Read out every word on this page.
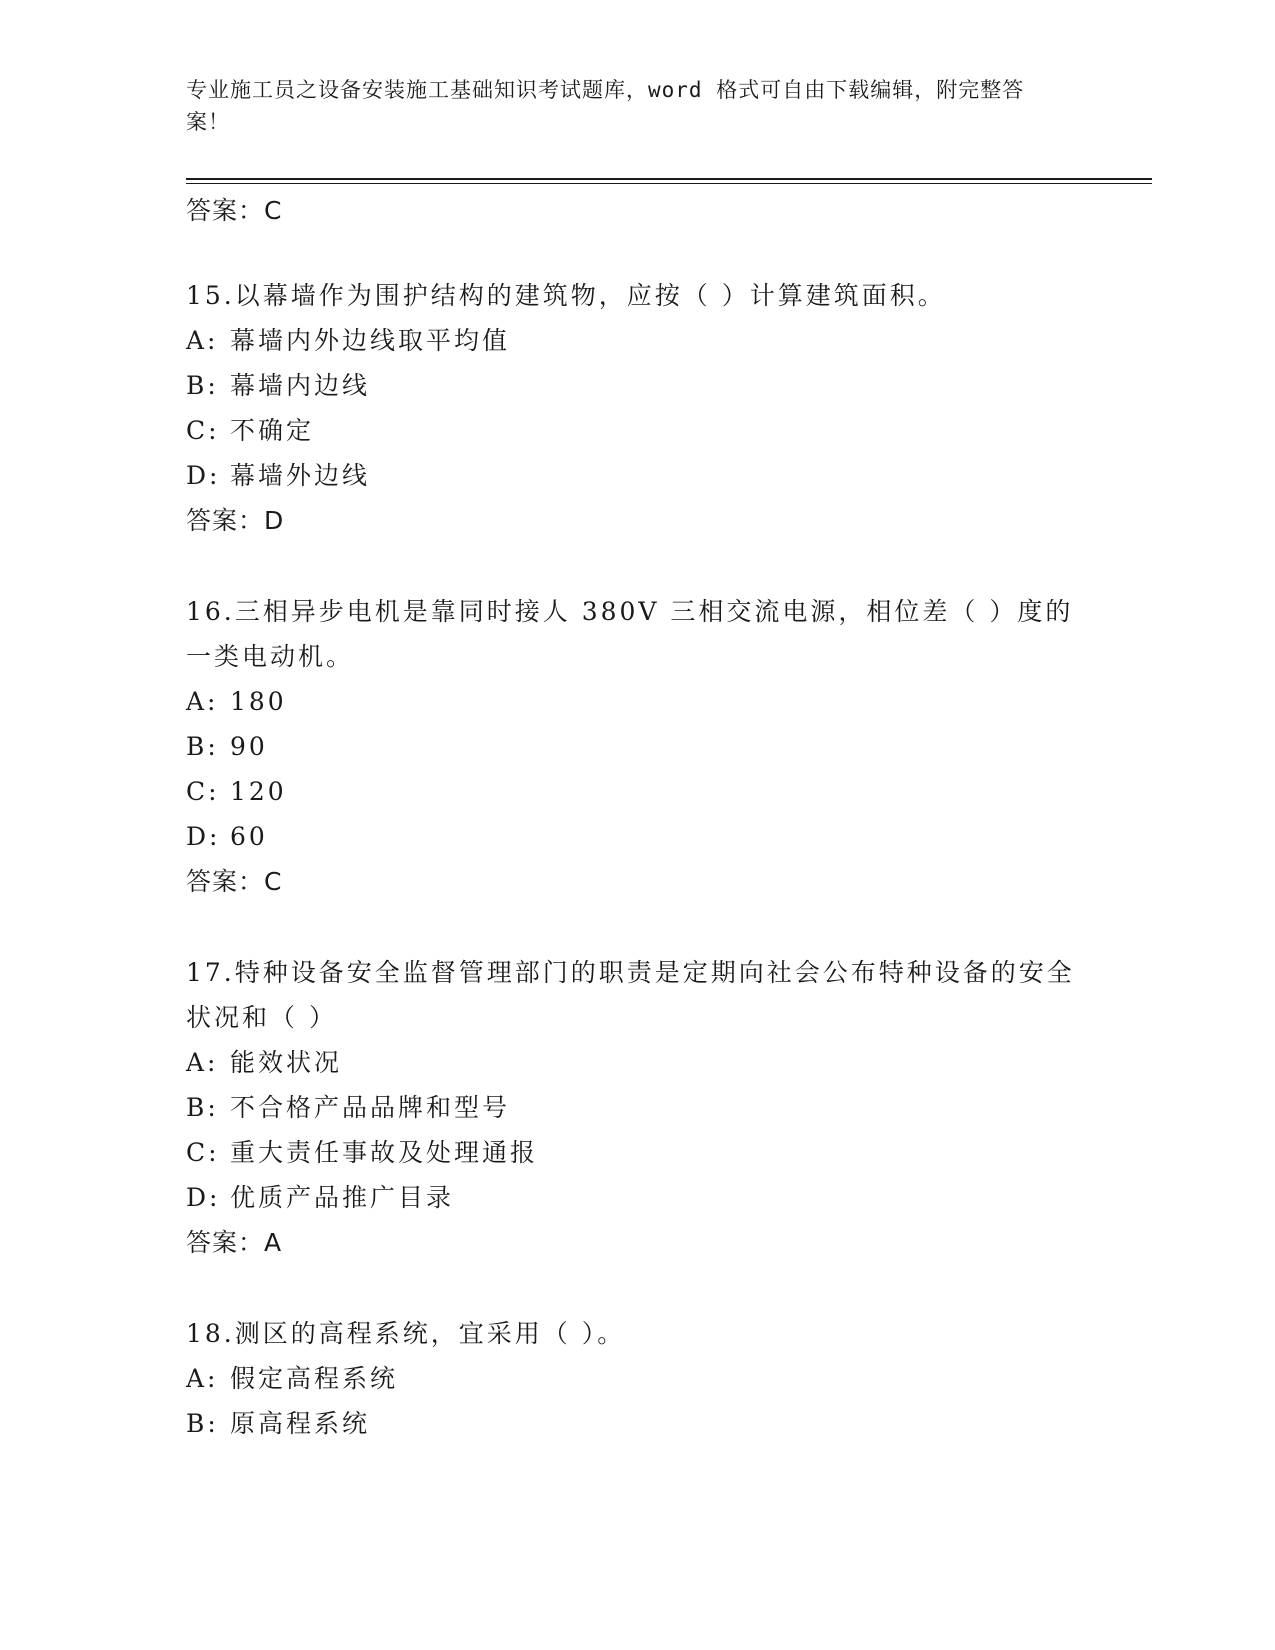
专业施工员之设备安装施工基础知识考试题库，word 格式可自由下载编辑，附完整答案！
答案：C
15.以幕墙作为围护结构的建筑物，应按（ ）计算建筑面积。
A: 幕墙内外边线取平均值
B: 幕墙内边线
C: 不确定
D: 幕墙外边线
答案：D
16.三相异步电机是靠同时接人 380V 三相交流电源，相位差（ ）度的一类电动机。
A: 180
B: 90
C: 120
D: 60
答案：C
17.特种设备安全监督管理部门的职责是定期向社会公布特种设备的安全状况和（ ）
A: 能效状况
B: 不合格产品品牌和型号
C: 重大责任事故及处理通报
D: 优质产品推广目录
答案：A
18.测区的高程系统，宜采用（ ）。
A: 假定高程系统
B: 原高程系统
